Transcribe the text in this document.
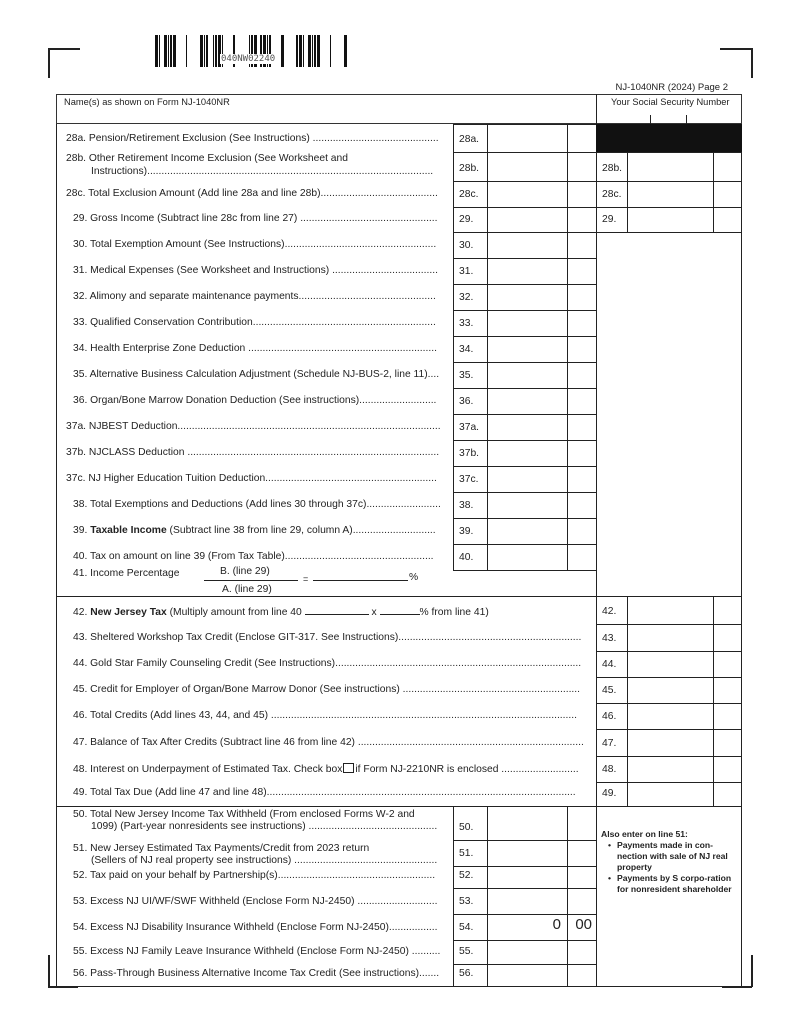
040NW02240
NJ-1040NR (2024) Page 2
Name(s) as shown on Form NJ-1040NR	Your Social Security Number
28a. Pension/Retirement Exclusion (See Instructions) ............................................ 28a.
28b. Other Retirement Income Exclusion (See Worksheet and
Instructions)....................................................................................................	28b.	28b.
28c. Total Exclusion Amount (Add line 28a and line 28b)......................................... 28c.	28c.
29. Gross Income (Subtract line 28c from line 27) ................................................ 29.	29.
30. Total Exemption Amount (See Instructions)..................................................... 30.
31. Medical Expenses (See Worksheet and Instructions) ..................................... 31.
32. Alimony and separate maintenance payments................................................ 32.
33. Qualified Conservation Contribution................................................................ 33.
34. Health Enterprise Zone Deduction .................................................................. 34.
35. Alternative Business Calculation Adjustment (Schedule NJ-BUS-2, line 11).... 35.
36. Organ/Bone Marrow Donation Deduction (See instructions)........................... 36.
37a. NJBEST Deduction............................................................................................ 37a.
37b. NJCLASS Deduction ........................................................................................ 37b.
37c. NJ Higher Education Tuition Deduction............................................................ 37c.
38. Total Exemptions and Deductions (Add lines 30 through 37c).......................... 38.
39. Taxable Income (Subtract line 38 from line 29, column A)............................. 39.
40. Tax on amount on line 39 (From Tax Table).................................................... 40.
41. Income Percentage	B. (line 29)
=	%
A. (line 29)
42. New Jersey Tax (Multiply amount from line 40	x	% from line 41)	42.
43. Sheltered Workshop Tax Credit (Enclose GIT-317. See Instructions)................................................................ 43.
44. Gold Star Family Counseling Credit (See Instructions)...................................................................................... 44.
45. Credit for Employer of Organ/Bone Marrow Donor (See instructions) .............................................................. 45.
46. Total Credits (Add lines 43, 44, and 45) ........................................................................................................... 46.
47. Balance of Tax After Credits (Subtract line 46 from line 42) ............................................................................... 47.
48. Interest on Underpayment of Estimated Tax. Check box if Form NJ-2210NR is enclosed ........................... 48.
49. Total Tax Due (Add line 47 and line 48)............................................................................................................	49.
50. Total New Jersey Income Tax Withheld (From enclosed Forms W-2 and
1099) (Part-year nonresidents see instructions) ............................................. 50.
51. New Jersey Estimated Tax Payments/Credit from 2023 return
(Sellers of NJ real property see instructions) ..................................................
51.
52. Tax paid on your behalf by Partnership(s)....................................................... 52.
53. Excess NJ UI/WF/SWF Withheld (Enclose Form NJ-2450) ............................ 53.
54. Excess NJ Disability Insurance Withheld (Enclose Form NJ-2450)................. 54.	0 00
55. Excess NJ Family Leave Insurance Withheld (Enclose Form NJ-2450) .......... 55.
56. Pass-Through Business Alternative Income Tax Credit (See instructions)....... 56.
Also enter on line 51:
• Payments made in con-nection with sale of NJ real property
• Payments by S corpo-ration for nonresident shareholder
